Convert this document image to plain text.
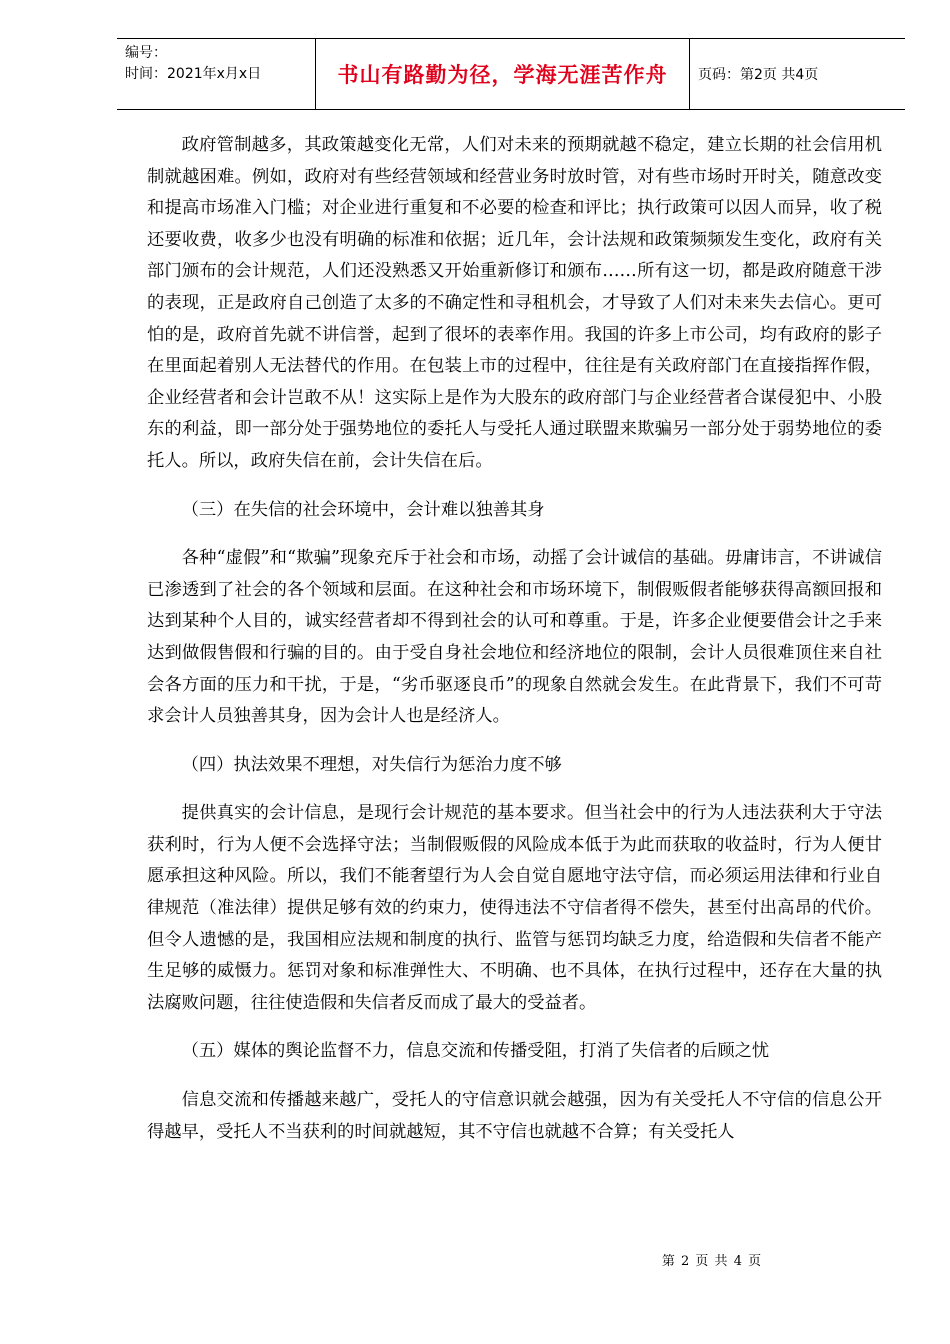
编号：
时间：2021年x月x日	书山有路勤为径，学海无涯苦作舟 页码：第2页 共4页

政府管制越多，其政策越变化无常，人们对未来的预期就越不稳定，建立长期的社会信用机制就越困难。例如，政府对有些经营领域和经营业务时放时管，对有些市场时开时关，随意改变和提高市场准入门槛；对企业进行重复和不必要的检查和评比；执行政策可以因人而异，收了税还要收费，收多少也没有明确的标准和依据；近几年，会计法规和政策频频发生变化，政府有关部门颁布的会计规范，人们还没熟悉又开始重新修订和颁布……所有这一切，都是政府随意干涉的表现，正是政府自己创造了太多的不确定性和寻租机会，才导致了人们对未来失去信心。更可怕的是，政府首先就不讲信誉，起到了很坏的表率作用。我国的许多上市公司，均有政府的影子在里面起着别人无法替代的作用。在包装上市的过程中，往往是有关政府部门在直接指挥作假，企业经营者和会计岂敢不从！这实际上是作为大股东的政府部门与企业经营者合谋侵犯中、小股东的利益，即一部分处于强势地位的委托人与受托人通过联盟来欺骗另一部分处于弱势地位的委托人。所以，政府失信在前，会计失信在后。

（三）在失信的社会环境中，会计难以独善其身

各种“虚假”和“欺骗”现象充斥于社会和市场，动摇了会计诚信的基础。毋庸讳言，不讲诚信已渗透到了社会的各个领域和层面。在这种社会和市场环境下，制假贩假者能够获得高额回报和达到某种个人目的，诚实经营者却不得到社会的认可和尊重。于是，许多企业便要借会计之手来达到做假售假和行骗的目的。由于受自身社会地位和经济地位的限制，会计人员很难顶住来自社会各方面的压力和干扰，于是，“劣币驱逐良币”的现象自然就会发生。在此背景下，我们不可苛求会计人员独善其身，因为会计人也是经济人。

（四）执法效果不理想，对失信行为惩治力度不够

提供真实的会计信息，是现行会计规范的基本要求。但当社会中的行为人违法获利大于守法获利时，行为人便不会选择守法；当制假贩假的风险成本低于为此而获取的收益时，行为人便甘愿承担这种风险。所以，我们不能奢望行为人会自觉自愿地守法守信，而必须运用法律和行业自律规范（准法律）提供足够有效的约束力，使得违法不守信者得不偿失，甚至付出高昂的代价。但令人遗憾的是，我国相应法规和制度的执行、监管与惩罚均缺乏力度，给造假和失信者不能产生足够的威慑力。惩罚对象和标准弹性大、不明确、也不具体，在执行过程中，还存在大量的执法腐败问题，往往使造假和失信者反而成了最大的受益者。

（五）媒体的舆论监督不力，信息交流和传播受阻，打消了失信者的后顾之忧

信息交流和传播越来越广，受托人的守信意识就会越强，因为有关受托人不守信的信息公开得越早，受托人不当获利的时间就越短，其不守信也就越不合算；有关受托人

第 2 页 共 4 页
